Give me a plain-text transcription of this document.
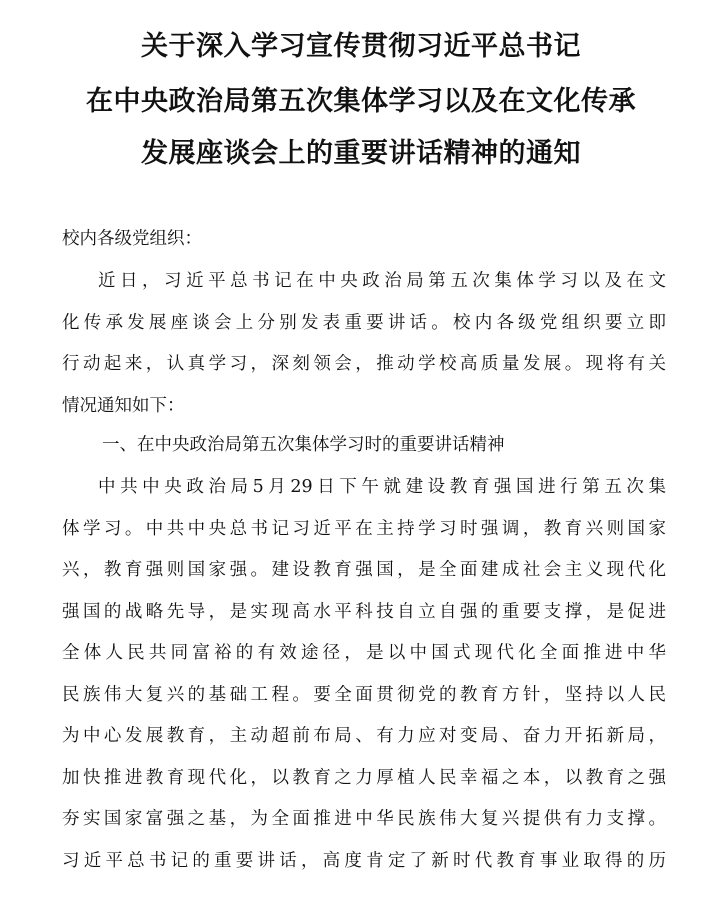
关于深入学习宣传贯彻习近平总书记
在中央政治局第五次集体学习以及在文化传承
发展座谈会上的重要讲话精神的通知
校内各级党组织：
近日，习近平总书记在中央政治局第五次集体学习以及在文
化传承发展座谈会上分别发表重要讲话。校内各级党组织要立即
行动起来，认真学习，深刻领会，推动学校高质量发展。现将有关
情况通知如下：
一、在中央政治局第五次集体学习时的重要讲话精神
中共中央政治局5月29日下午就建设教育强国进行第五次集
体学习。中共中央总书记习近平在主持学习时强调，教育兴则国家
兴，教育强则国家强。建设教育强国，是全面建成社会主义现代化
强国的战略先导，是实现高水平科技自立自强的重要支撑，是促进
全体人民共同富裕的有效途径，是以中国式现代化全面推进中华
民族伟大复兴的基础工程。要全面贯彻党的教育方针，坚持以人民
为中心发展教育，主动超前布局、有力应对变局、奋力开拓新局，
加快推进教育现代化，以教育之力厚植人民幸福之本，以教育之强
夯实国家富强之基，为全面推进中华民族伟大复兴提供有力支撑。
习近平总书记的重要讲话，高度肯定了新时代教育事业取得的历
